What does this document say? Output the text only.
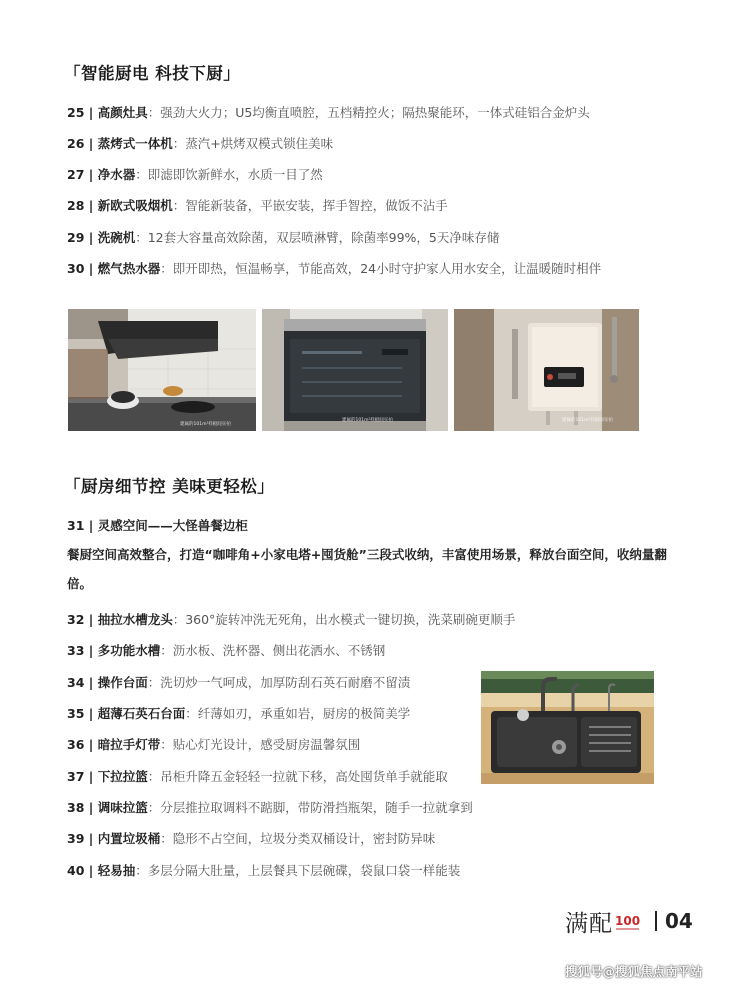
「智能厨电 科技下厨」
25 | 高颜灶具：强劲大火力；U5均衡直喷腔，五档精控火；隔热聚能环，一体式硅铝合金炉头
26 | 蒸烤式一体机：蒸汽+烘烤双模式锁住美味
27 | 净水器：即滤即饮新鲜水，水质一目了然
28 | 新欧式吸烟机：智能新装备，平嵌安装，挥手智控，做饭不沾手
29 | 洗碗机：12套大容量高效除菌，双层喷淋臂，除菌率99%，5天净味存储
30 | 燃气热水器：即开即热，恒温畅享，节能高效，24小时守护家人用水安全，让温暖随时相伴
建属的101m²样板间实拍
建属的101m²样板间实拍	建属的101m²样板间实拍
「厨房细节控 美味更轻松」
31 | 灵感空间——大怪兽餐边柜
餐厨空间高效整合，打造“咖啡角+小家电塔+囤货舱”三段式收纳，丰富使用场景，释放台面空间，收纳量翻倍。
32 | 抽拉水槽龙头：360°旋转冲洗无死角，出水模式一键切换，洗菜刷碗更顺手
33 | 多功能水槽：沥水板、洗杯器、侧出花洒水、不锈钢
34 | 操作台面：洗切炒一气呵成，加厚防刮石英石耐磨不留渍
35 | 超薄石英石台面：纤薄如刃，承重如岩，厨房的极简美学
36 | 暗拉手灯带：贴心灯光设计，感受厨房温馨氛围
37 | 下拉拉篮：吊柜升降五金轻轻一拉就下移，高处囤货单手就能取
38 | 调味拉篮：分层推拉取调料不踮脚，带防滑挡瓶架，随手一拉就拿到
39 | 内置垃圾桶：隐形不占空间，垃圾分类双桶设计，密封防异味
40 | 轻易抽：多层分隔大肚量，上层餐具下层碗碟，袋鼠口袋一样能装
满配 100 04
搜狐号@搜狐焦点南平站
